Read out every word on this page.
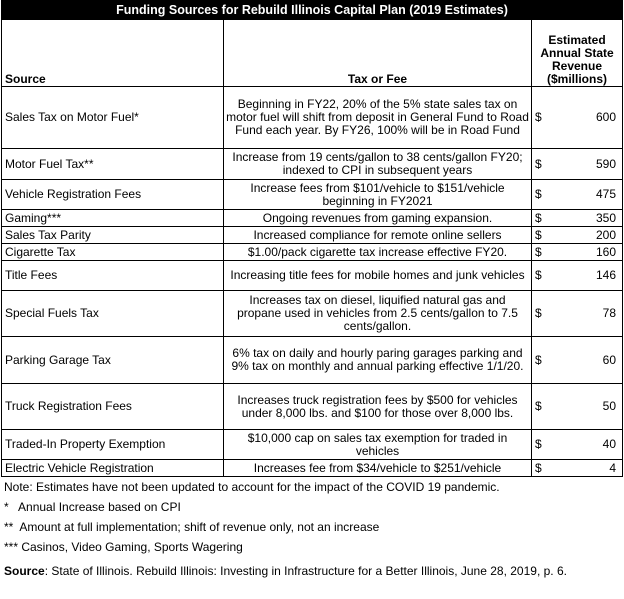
Funding Sources for Rebuild Illinois Capital Plan (2019 Estimates)			
Source	Tax or Fee	Estimated
Annual State
Revenue
($millions)	

Sales Tax on Motor Fuel*	Beginning in FY22, 20% of the 5% state sales tax on motor fuel will shift from deposit in General Fund to Road Fund each year. By FY26, 100% will be in Road Fund	$	600
Motor Fuel Tax**	Increase from 19 cents/gallon to 38 cents/gallon FY20; indexed to CPI in subsequent years	$	590
Vehicle Registration Fees	Increase fees from $101/vehicle to $151/vehicle beginning in FY2021	$	475
Gaming***	Ongoing revenues from gaming expansion.	$	350
Sales Tax Parity	Increased compliance for remote online sellers	$	200
Cigarette Tax	$1.00/pack cigarette tax increase effective FY20.	$	160
Title Fees	Increasing title fees for mobile homes and junk vehicles	$	146
Special Fuels Tax	Increases tax on diesel, liquified natural gas and propane used in vehicles from 2.5 cents/gallon to 7.5 cents/gallon.	$	78
Parking Garage Tax	6% tax on daily and hourly paring garages parking and 9% tax on monthly and annual parking effective 1/1/20.	$	60
Truck Registration Fees	Increases truck registration fees by $500 for vehicles under 8,000 lbs. and $100 for those over 8,000 lbs.	$	50
Traded-In Property Exemption	$10,000 cap on sales tax exemption for traded in vehicles	$	40
Electric Vehicle Registration	Increases fee from $34/vehicle to $251/vehicle	$	4
Note: Estimates have not been updated to account for the impact of the COVID 19 pandemic.
*   Annual Increase based on CPI
**  Amount at full implementation; shift of revenue only, not an increase
*** Casinos, Video Gaming, Sports Wagering
Source: State of Illinois. Rebuild Illinois: Investing in Infrastructure for a Better Illinois, June 28, 2019, p. 6.
